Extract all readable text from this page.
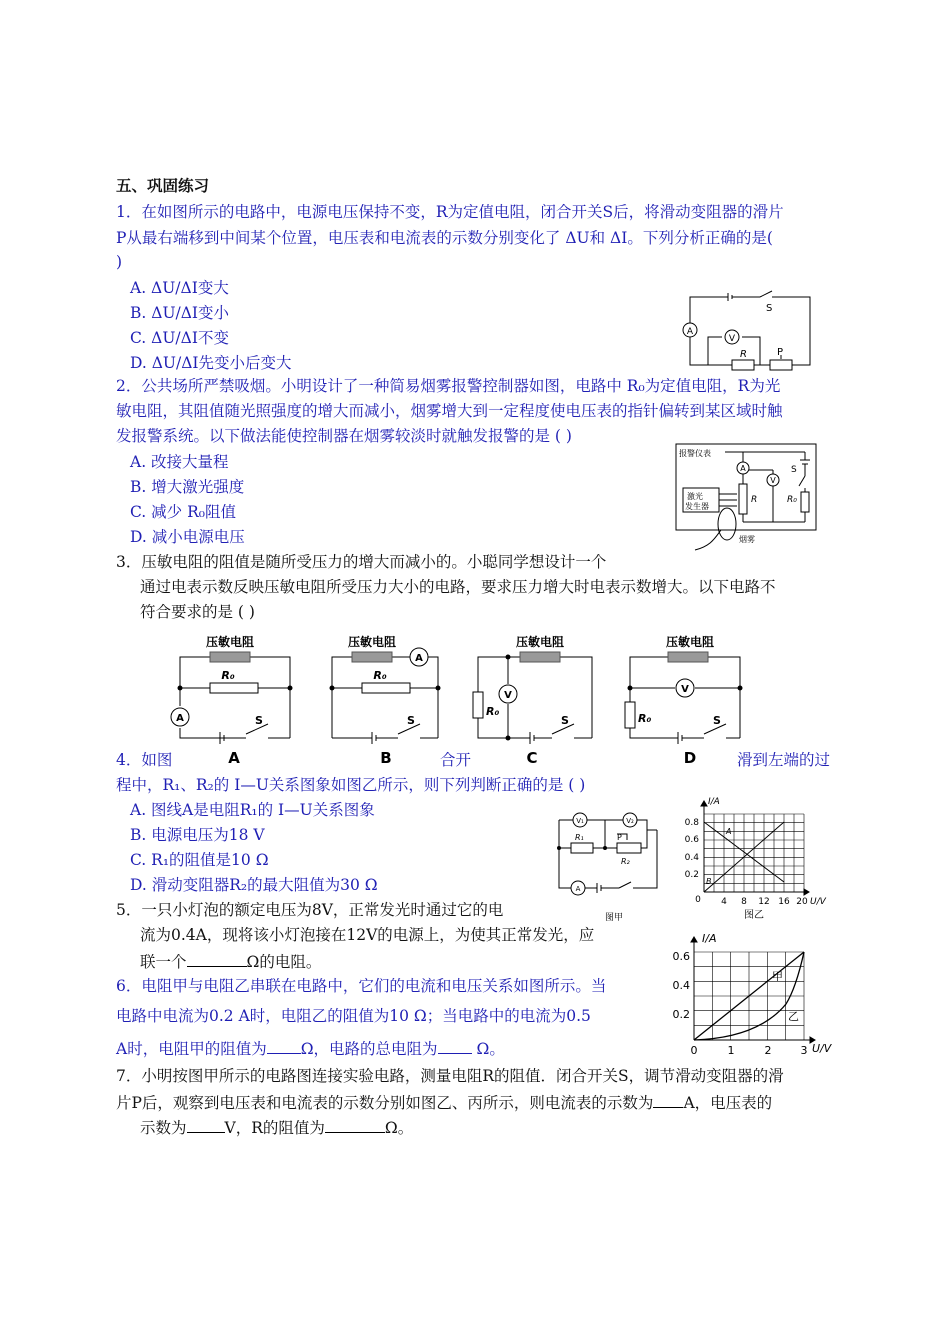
五、巩固练习
1．在如图所示的电路中，电源电压保持不变，R为定值电阻，闭合开关S后，将滑动变阻器的滑片
P从最右端移到中间某个位置，电压表和电流表的示数分别变化了 ΔU和 ΔI。下列分析正确的是(
)
A. ΔU/ΔI变大
B. ΔU/ΔI变小
C. ΔU/ΔI不变
D. ΔU/ΔI先变小后变大
A
V
S
R	P
2．公共场所严禁吸烟。小明设计了一种简易烟雾报警控制器如图，电路中 R₀为定值电阻，R为光
敏电阻，其阻值随光照强度的增大而减小，烟雾增大到一定程度使电压表的指针偏转到某区域时触
发报警系统。以下做法能使控制器在烟雾较淡时就触发报警的是 ( )
A. 改接大量程
B. 增大激光强度
C. 减少 R₀阻值
D. 减小电源电压
报警仪表
激光
发生器
A
V
S
R	R₀
烟雾
3．压敏电阻的阻值是随所受压力的增大而减小的。小聪同学想设计一个
通过电表示数反映压敏电阻所受压力大小的电路，要求压力增大时电表示数增大。以下电路不
符合要求的是 ( )
压敏电阻
R₀
A	S
A
压敏电阻
R₀
A
S
B
压敏电阻
R₀
V
S
C
压敏电阻
R₀
V
S
D
4．如图	合开	滑到左端的过
程中，R₁、R₂的 I—U关系图象如图乙所示，则下列判断正确的是 ( )
A. 图线A是电阻R₁的 I—U关系图象
B. 电源电压为18 V
C. R₁的阻值是10 Ω
D. 滑动变阻器R₂的最大阻值为30 Ω
V₁	V₂
A
R₁
R₂
P
图甲
I/A
U/V
0.8
0.6
0.4
0.2
0 4 8 12 16 20
A
B
图乙
5．一只小灯泡的额定电压为8V，正常发光时通过它的电
流为0.4A，现将该小灯泡接在12V的电源上，为使其正常发光，应
联一个	Ω的电阻。
6．电阻甲与电阻乙串联在电路中，它们的电流和电压关系如图所示。当
电路中电流为0.2 A时，电阻乙的阻值为10 Ω；当电路中的电流为0.5
A时，电阻甲的阻值为 Ω，电路的总电阻为 Ω。
I/A
U/V
0.6
0.4
0.2
0	1	2	3
甲
乙
7．小明按图甲所示的电路图连接实验电路，测量电阻R的阻值．闭合开关S，调节滑动变阻器的滑
片P后，观察到电压表和电流表的示数分别如图乙、丙所示，则电流表的示数为 A，电压表的
示数为 V，R的阻值为	Ω。
